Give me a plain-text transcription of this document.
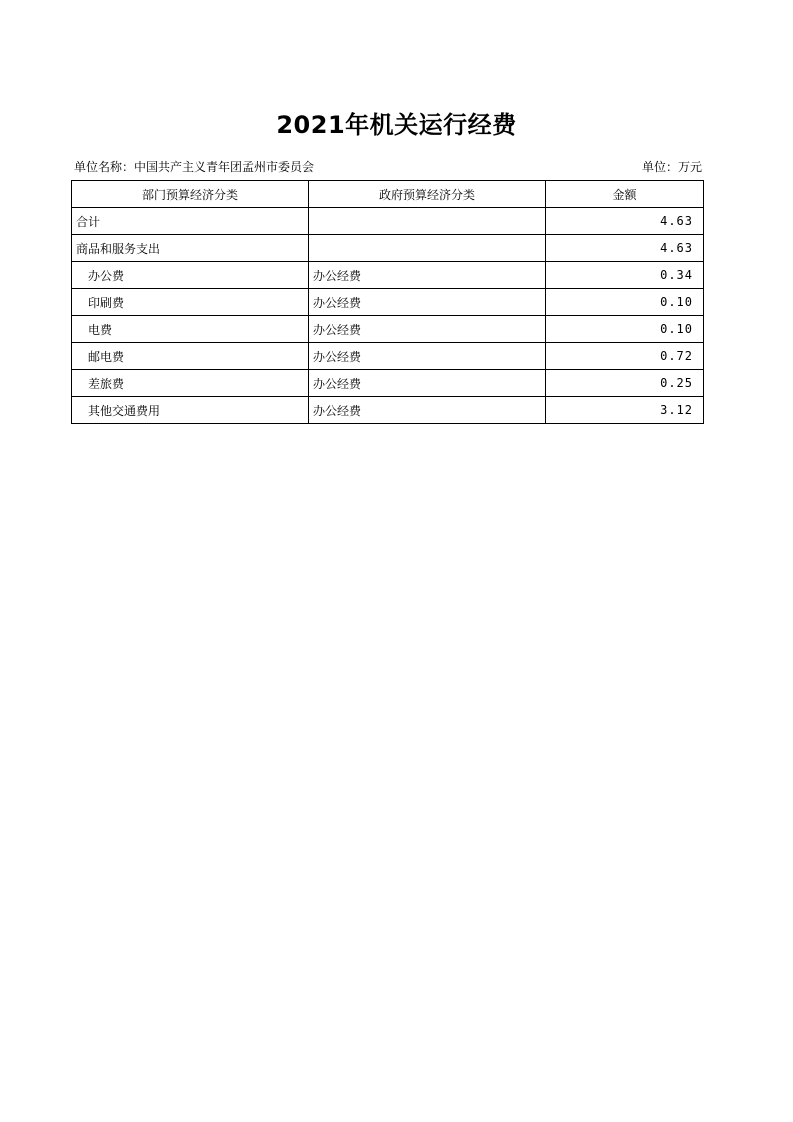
2021年机关运行经费
单位名称：中国共产主义青年团孟州市委员会	单位：万元
部门预算经济分类	政府预算经济分类	金额
合计		4.63
商品和服务支出		4.63
办公费	办公经费	0.34
印刷费	办公经费	0.10
电费	办公经费	0.10
邮电费	办公经费	0.72
差旅费	办公经费	0.25
其他交通费用	办公经费	3.12
